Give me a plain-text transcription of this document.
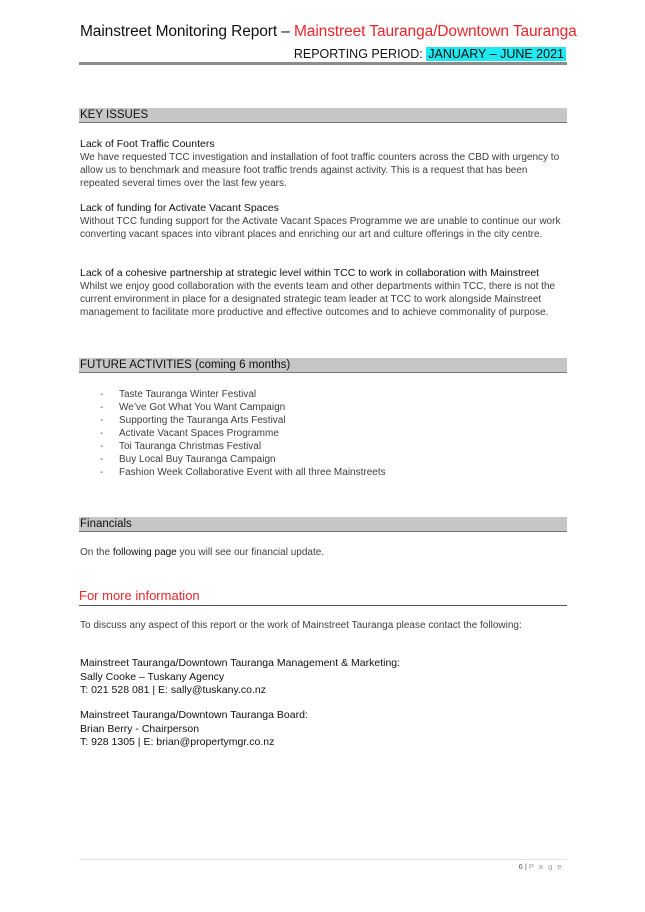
Mainstreet Monitoring Report – Mainstreet Tauranga/Downtown Tauranga
REPORTING PERIOD: JANUARY – JUNE 2021
KEY ISSUES
Lack of Foot Traffic Counters
We have requested TCC investigation and installation of foot traffic counters across the CBD with urgency to allow us to benchmark and measure foot traffic trends against activity. This is a request that has been repeated several times over the last few years.
Lack of funding for Activate Vacant Spaces
Without TCC funding support for the Activate Vacant Spaces Programme we are unable to continue our work converting vacant spaces into vibrant places and enriching our art and culture offerings in the city centre.
Lack of a cohesive partnership at strategic level within TCC to work in collaboration with Mainstreet
Whilst we enjoy good collaboration with the events team and other departments within TCC, there is not the current environment in place for a designated strategic team leader at TCC to work alongside Mainstreet management to facilitate more productive and effective outcomes and to achieve commonality of purpose.
FUTURE ACTIVITIES (coming 6 months)
- Taste Tauranga Winter Festival
- We’ve Got What You Want Campaign
- Supporting the Tauranga Arts Festival
- Activate Vacant Spaces Programme
- Toi Tauranga Christmas Festival
- Buy Local Buy Tauranga Campaign
- Fashion Week Collaborative Event with all three Mainstreets
Financials
On the following page you will see our financial update.
For more information
To discuss any aspect of this report or the work of Mainstreet Tauranga please contact the following:
Mainstreet Tauranga/Downtown Tauranga Management & Marketing:
Sally Cooke – Tuskany Agency
T: 021 528 081 | E: sally@tuskany.co.nz
Mainstreet Tauranga/Downtown Tauranga Board:
Brian Berry - Chairperson
T: 928 1305 | E: brian@propertymgr.co.nz
6 | P a g e
